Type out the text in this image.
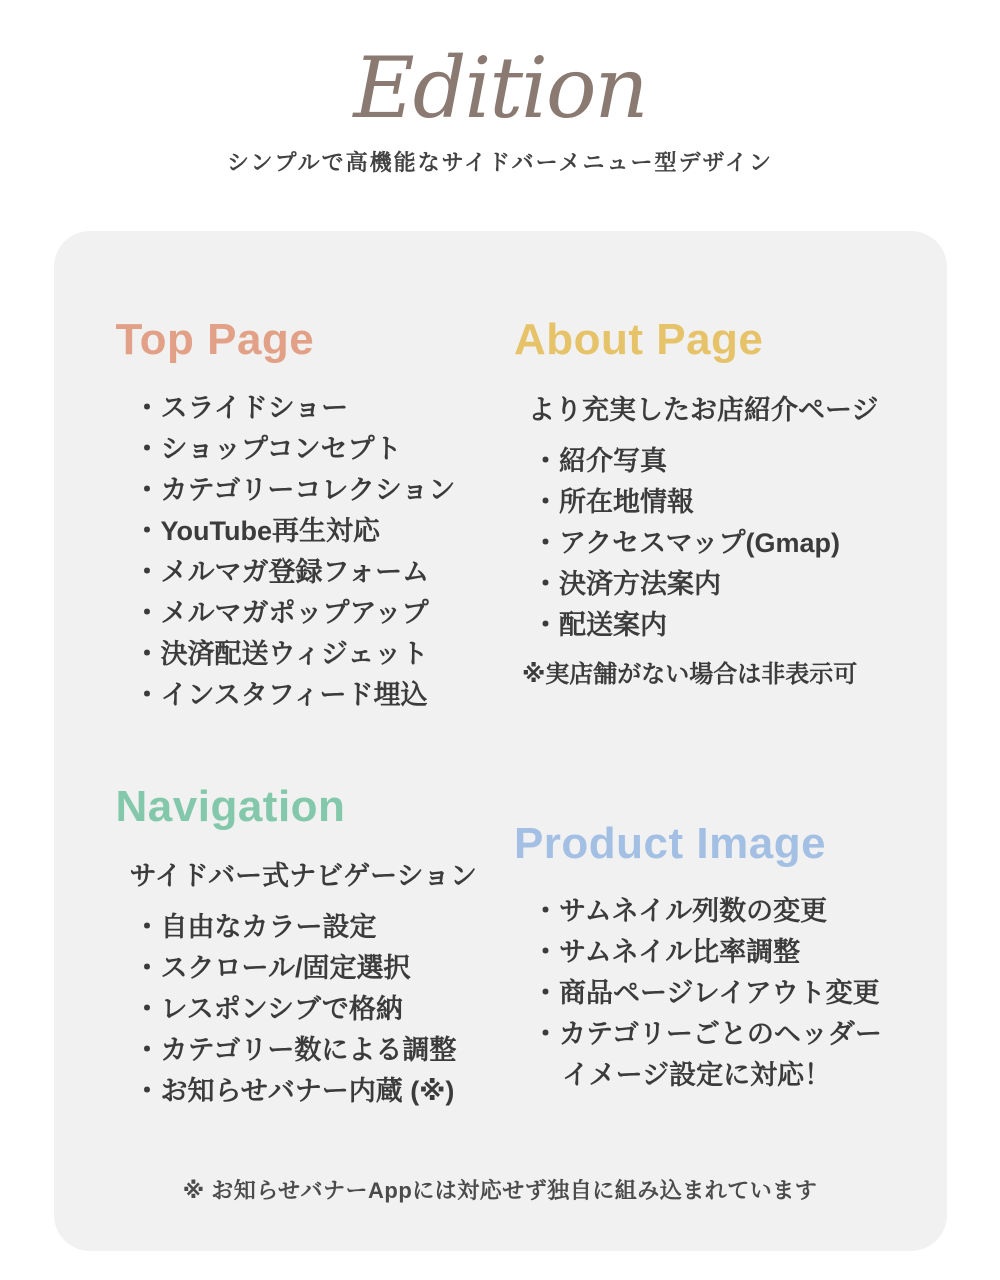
Edition
シンプルで高機能なサイドバーメニュー型デザイン
Top Page
・ スライドショー
・ ショップコンセプト
・ カテゴリーコレクション
・ YouTube再生対応
・ メルマガ登録フォーム
・ メルマガポップアップ
・ 決済配送ウィジェット
・ インスタフィード埋込
Navigation

サイドバー式ナビゲーション

・ 自由なカラー設定
・ スクロール/固定選択
・ レスポンシブで格納
・ カテゴリー数による調整
・ お知らせバナー内蔵 (※)
About Page

より充実したお店紹介ページ

・ 紹介写真
・ 所在地情報
・ アクセスマップ(Gmap)
・ 決済方法案内
・ 配送案内

※実店舗がない場合は非表示可

Product Image
・ サムネイル列数の変更
・ サムネイル比率調整
・ 商品ページレイアウト変更
・ カテゴリーごとのヘッダーイメージ設定に対応！
※ お知らせバナーAppには対応せず独自に組み込まれています
